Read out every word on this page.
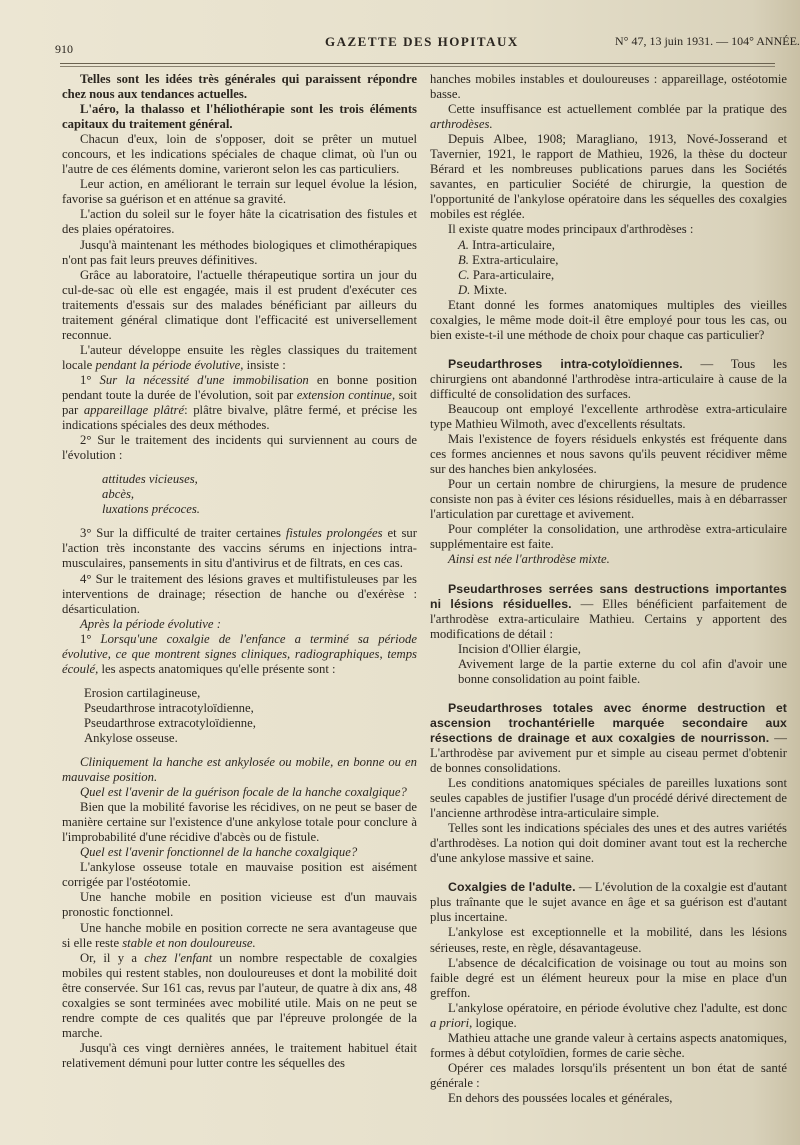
910	GAZETTE DES HOPITAUX	N° 47, 13 juin 1931. — 104° ANNÉE.

Telles sont les idées très générales qui paraissent répondre chez nous aux tendances actuelles.

L'aéro, la thalasso et l'héliothérapie sont les trois éléments capitaux du traitement général.

Chacun d'eux, loin de s'opposer, doit se prêter un mutuel concours, et les indications spéciales de chaque climat, où l'un ou l'autre de ces éléments domine, varieront selon les cas particuliers.

Leur action, en améliorant le terrain sur lequel évolue la lésion, favorise sa guérison et en atténue sa gravité.

L'action du soleil sur le foyer hâte la cicatrisation des fistules et des plaies opératoires.

Jusqu'à maintenant les méthodes biologiques et climothérapiques n'ont pas fait leurs preuves définitives.

Grâce au laboratoire, l'actuelle thérapeutique sortira un jour du cul-de-sac où elle est engagée, mais il est prudent d'exécuter ces traitements d'essais sur des malades bénéficiant par ailleurs du traitement général climatique dont l'efficacité est universellement reconnue.

L'auteur développe ensuite les règles classiques du traitement locale pendant la période évolutive, insiste :

1° Sur la nécessité d'une immobilisation en bonne position pendant toute la durée de l'évolution, soit par extension continue, soit par appareillage plâtré: plâtre bivalve, plâtre fermé, et précise les indications spéciales des deux méthodes.

2° Sur le traitement des incidents qui surviennent au cours de l'évolution :

attitudes vicieuses,

abcès,

luxations précoces.

3° Sur la difficulté de traiter certaines fistules prolongées et sur l'action très inconstante des vaccins sérums en injections intra-musculaires, pansements in situ d'antivirus et de filtrats, en ces cas.

4° Sur le traitement des lésions graves et multifistuleuses par les interventions de drainage; résection de hanche ou d'exérèse : désarticulation.

Après la période évolutive :

1° Lorsqu'une coxalgie de l'enfance a terminé sa période évolutive, ce que montrent signes cliniques, radiographiques, temps écoulé, les aspects anatomiques qu'elle présente sont :

Erosion cartilagineuse,

Pseudarthrose intracotyloïdienne,

Pseudarthrose extracotyloïdienne,

Ankylose osseuse.

Cliniquement la hanche est ankylosée ou mobile, en bonne ou en mauvaise position.

Quel est l'avenir de la guérison focale de la hanche coxalgique?

Bien que la mobilité favorise les récidives, on ne peut se baser de manière certaine sur l'existence d'une ankylose totale pour conclure à l'improbabilité d'une récidive d'abcès ou de fistule.

Quel est l'avenir fonctionnel de la hanche coxalgique?

L'ankylose osseuse totale en mauvaise position est aisément corrigée par l'ostéotomie.

Une hanche mobile en position vicieuse est d'un mauvais pronostic fonctionnel.

Une hanche mobile en position correcte ne sera avantageuse que si elle reste stable et non douloureuse.

Or, il y a chez l'enfant un nombre respectable de coxalgies mobiles qui restent stables, non douloureuses et dont la mobilité doit être conservée. Sur 161 cas, revus par l'auteur, de quatre à dix ans, 48 coxalgies se sont terminées avec mobilité utile. Mais on ne peut se rendre compte de ces qualités que par l'épreuve prolongée de la marche.

Jusqu'à ces vingt dernières années, le traitement habituel était relativement démuni pour lutter contre les séquelles des

hanches mobiles instables et douloureuses : appareillage, ostéotomie basse.

Cette insuffisance est actuellement comblée par la pratique des arthrodèses.

Depuis Albee, 1908; Maragliano, 1913, Nové-Josserand et Tavernier, 1921, le rapport de Mathieu, 1926, la thèse du docteur Bérard et les nombreuses publications parues dans les Sociétés savantes, en particulier Société de chirurgie, la question de l'opportunité de l'ankylose opératoire dans les séquelles des coxalgies mobiles est réglée.

Il existe quatre modes principaux d'arthrodèses :

A. Intra-articulaire,

B. Extra-articulaire,

C. Para-articulaire,

D. Mixte.

Etant donné les formes anatomiques multiples des vieilles coxalgies, le même mode doit-il être employé pour tous les cas, ou bien existe-t-il une méthode de choix pour chaque cas particulier?

Pseudarthroses intra-cotyloïdiennes. — Tous les chirurgiens ont abandonné l'arthrodèse intra-articulaire à cause de la difficulté de consolidation des surfaces.

Beaucoup ont employé l'excellente arthrodèse extra-articulaire type Mathieu Wilmoth, avec d'excellents résultats.

Mais l'existence de foyers résiduels enkystés est fréquente dans ces formes anciennes et nous savons qu'ils peuvent récidiver même sur des hanches bien ankylosées.

Pour un certain nombre de chirurgiens, la mesure de prudence consiste non pas à éviter ces lésions résiduelles, mais à en débarrasser l'articulation par curettage et avivement.

Pour compléter la consolidation, une arthrodèse extra-articulaire supplémentaire est faite.

Ainsi est née l'arthrodèse mixte.

Pseudarthroses serrées sans destructions importantes ni lésions résiduelles. — Elles bénéficient parfaitement de l'arthrodèse extra-articulaire Mathieu. Certains y apportent des modifications de détail :

Incision d'Ollier élargie,

Avivement large de la partie externe du col afin d'avoir une bonne consolidation au point faible.

Pseudarthroses totales avec énorme destruction et ascension trochantérielle marquée secondaire aux résections de drainage et aux coxalgies de nourrisson. — L'arthrodèse par avivement pur et simple au ciseau permet d'obtenir de bonnes consolidations.

Les conditions anatomiques spéciales de pareilles luxations sont seules capables de justifier l'usage d'un procédé dérivé directement de l'ancienne arthrodèse intra-articulaire simple.

Telles sont les indications spéciales des unes et des autres variétés d'arthrodèses. La notion qui doit dominer avant tout est la recherche d'une ankylose massive et saine.

Coxalgies de l'adulte. — L'évolution de la coxalgie est d'autant plus traînante que le sujet avance en âge et sa guérison est d'autant plus incertaine.

L'ankylose est exceptionnelle et la mobilité, dans les lésions sérieuses, reste, en règle, désavantageuse.

L'absence de décalcification de voisinage ou tout au moins son faible degré est un élément heureux pour la mise en place d'un greffon.

L'ankylose opératoire, en période évolutive chez l'adulte, est donc a priori, logique.

Mathieu attache une grande valeur à certains aspects anatomiques, formes à début cotyloïdien, formes de carie sèche.

Opérer ces malades lorsqu'ils présentent un bon état de santé générale :

En dehors des poussées locales et générales,
